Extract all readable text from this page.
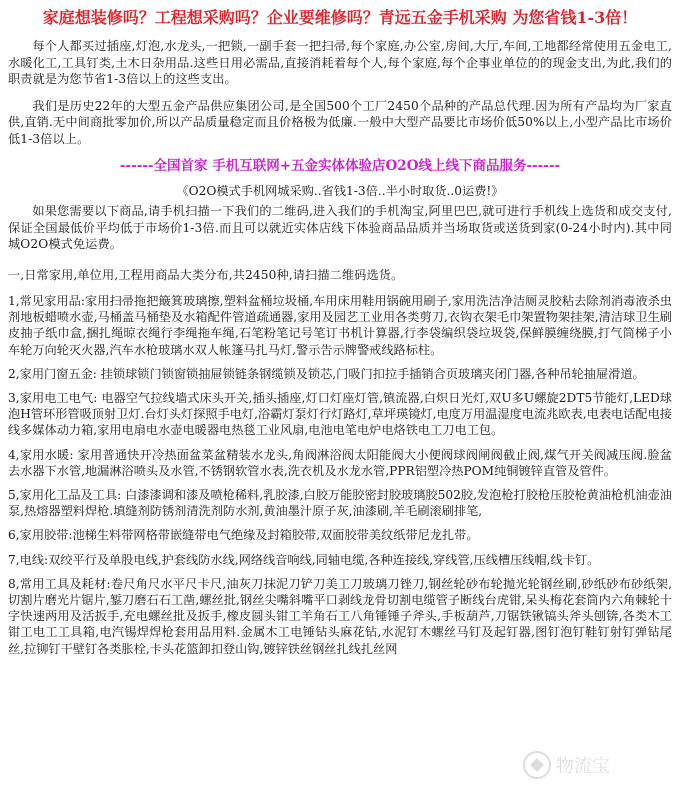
家庭想装修吗？工程想采购吗？企业要维修吗？青远五金手机采购 为您省钱1-3倍！

每个人都买过插座,灯泡,水龙头,一把锁,一副手套一把扫帚,每个家庭,办公室,房间,大厅,车间,工地都经常使用五金电工,水暖化工,工具钉类,土木日杂用品.这些日用必需品,直接消耗着每个人,每个家庭,每个企事业单位的的现金支出,为此,我们的职责就是为您节省1-3倍以上的这些支出。

我们是历史22年的大型五金产品供应集团公司,是全国500个工厂2450个品种的产品总代理.因为所有产品均为厂家直供,直销.无中间商批零加价,所以产品质量稳定而且价格极为低廉.一般中大型产品要比市场价低50%以上,小型产品比市场价低1-3倍以上。

------全国首家 手机互联网+五金实体体验店O2O线上线下商品服务------
《O2O模式手机网城采购..省钱1-3倍..半小时取货..0运费!》

如果您需要以下商品,请手机扫描一下我们的二维码,进入我们的手机淘宝,阿里巴巴,就可进行手机线上选货和成交支付,保证全国最低价平均低于市场价1-3倍.而且可以就近实体店线下体验商品品质并当场取货或送货到家(0-24小时内).其中同城O2O模式免运费。

一,日常家用,单位用,工程用商品大类分布,共2450种,请扫描二维码选货。

1,常见家用品:家用扫帚拖把簸箕玻璃擦,塑料盆桶垃圾桶,车用床用鞋用锅碗用刷子,家用洗洁净洁厕灵胶粘去除剂消毒液杀虫剂地板蜡喷水壶,马桶盖马桶垫及水箱配件管道疏通器,家用及园艺工业用各类剪刀,衣钩衣架毛巾架置物架挂架,清洁球卫生刷皮抽子纸巾盒,捆扎绳晾衣绳行李绳拖车绳,石笔粉笔记号笔订书机计算器,行李袋编织袋垃圾袋,保鲜膜缠绕膜,打气筒梯子小车轮万向轮灭火器,汽车水枪玻璃水双人帐篷马扎马灯,警示告示牌警戒线路标柱。

2,家用门窗五金: 挂锁球锁门锁窗锁抽屉锁链条钢缆锁及锁芯,门吸门扣拉手插销合页玻璃夹闭门器,各种吊轮抽屉滑道。

3,家用电工电气: 电器空气拉线墙式床头开关,插头插座,灯口灯座灯管,镇流器,白炽日光灯,双U多U螺旋2DT5节能灯,LED球泡H管环形管吸顶射卫灯.台灯头灯探照手电灯,浴霸灯泵灯行灯路灯,草坪瑛镜灯,电度万用温湿度电流兆欧表,电表电话配电接线多媒体动力箱,家用电扇电水壶电暖器电热毯工业风扇,电池电笔电炉电烙铁电工刀电工包。

4,家用水暖: 家用普通快开冷热面盆菜盆精装水龙头,角阀淋浴阀太阳能阀大小便阀球阀闸阀截止阀,煤气开关阀减压阀.脸盆去水器下水管,地漏淋浴喷头及水管,不锈钢软管水表,洗衣机及水龙水管,PPR铝塑冷热POM纯铜镀锌直管及管件。

5,家用化工品及工具: 白漆漆调和漆及喷枪稀料,乳胶漆,白胶万能胶密封胶玻璃胶502胶,发泡枪打胶枪压胶枪黄油枪机油壶油泵,热熔器塑料焊枪.填缝剂防锈剂清洗剂防水剂,黄油墨汁原子灰,油漆刷,羊毛刷滚刷排笔,

6,家用胶带:池梯生料带网格带嵌缝带电气绝缘及封箱胶带,双面胶带美纹纸带尼龙扎带。

7,电线:双绞平行及单股电线,护套线防水线,网络线音响线,同轴电缆,各种连接线,穿线管,压线槽压线帽,线卡钉。

8,常用工具及耗材:卷尺角尺水平尺卡尺,油灰刀抹泥刀铲刀美工刀玻璃刀锉刀,钢丝轮砂布轮抛光轮钢丝刷,砂纸砂布砂纸架,切割片磨光片锯片,錾刀磨石石工凿,螺丝批,钢丝尖嘴斜嘴平口剥线龙骨切割电缆管子断线台虎钳,呆头梅花套筒内六角棘轮十字快速两用及活扳手,充电螺丝批及扳手,橡皮圆头钳工羊角石工八角锤锤子斧头,手板葫芦,刀锯铁锹镐头斧头刨锛,各类木工钳工电工工具箱,电汽锡焊焊枪套用品用料.金属木工电锤钻头麻花钻,水泥钉木螺丝马钉及起钉器,图钉泡钉鞋钉射钉弹钻尾丝,拉铆钉干壁钉各类胀栓,卡头花篮卸扣登山钩,镀锌铁丝钢丝扎线扎丝网

物流宝
